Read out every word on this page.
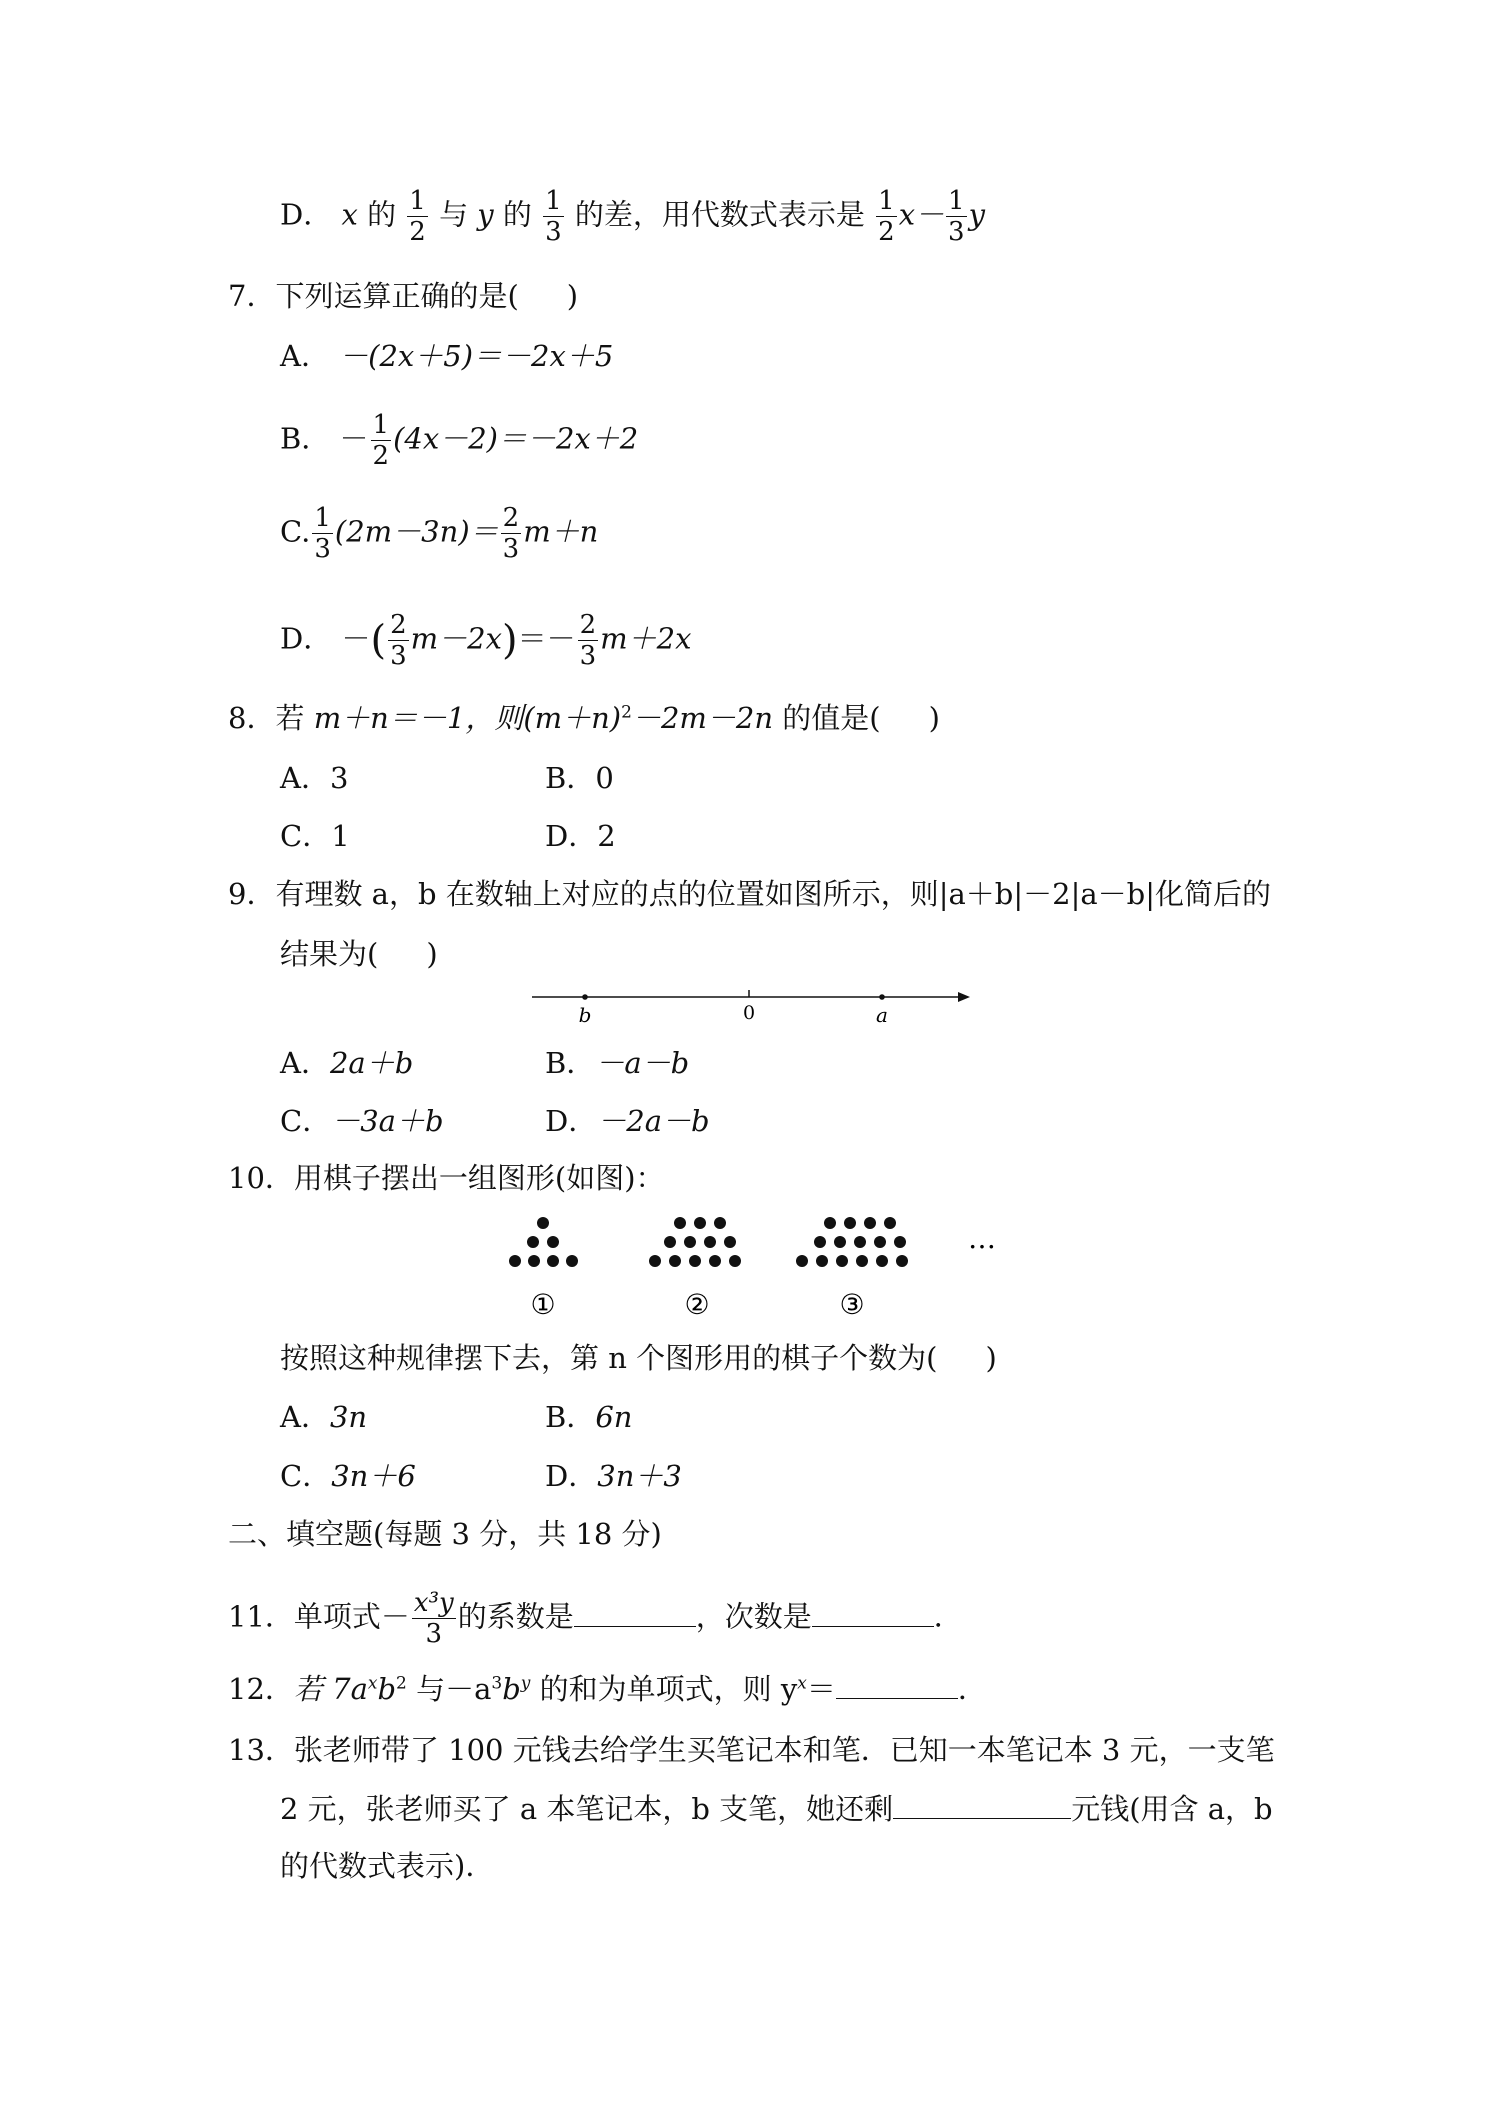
D． x 的 $\frac{1}{2}$ 与 y 的 $\frac{1}{3}$ 的差，用代数式表示是 $\frac{1}{2} x- \frac{1}{3}$ y
7．下列运算正确的是( )
A． －(2x＋5)＝－2x＋5
B． － $\frac{1}{2} (4x-2)=-2x+2$
C. $\frac{1}{3} (2m-3n)= \frac{2}{3} m+n$
D． －( $\frac{2}{3} m-2x)=- \frac{2}{3} m+2x$
8．若 m＋n＝－1，则$(m+n)^2-2m-2n$ 的值是( )
A．3	B．0
C．1	D．2
9．有理数 a，b 在数轴上对应的点的位置如图所示，则|a＋b|－2|a－b|化简后的
结果为( )
b	0	a
A．2a＋b	B．－a－b
C．－3a＋b	D．－2a－b
10．用棋子摆出一组图形(如图)：
…
①	②	③
按照这种规律摆下去，第 n 个图形用的棋子个数为( )
A．3n	B．6n
C．3n＋6	D．3n＋3
二、填空题(每题 3 分，共 18 分)
11．单项式－ $\frac{\text{x³y}}{3}$ 的系数是	，次数是	．
12．若 $7a^xb^2$ 与$-a^3b^y$ 的和为单项式，则 $y^x=$	．
13．张老师带了 100 元钱去给学生买笔记本和笔．已知一本笔记本 3 元，一支笔
2 元，张老师买了 a 本笔记本，b 支笔，她还剩	元钱(用含 a，b
的代数式表示)．
